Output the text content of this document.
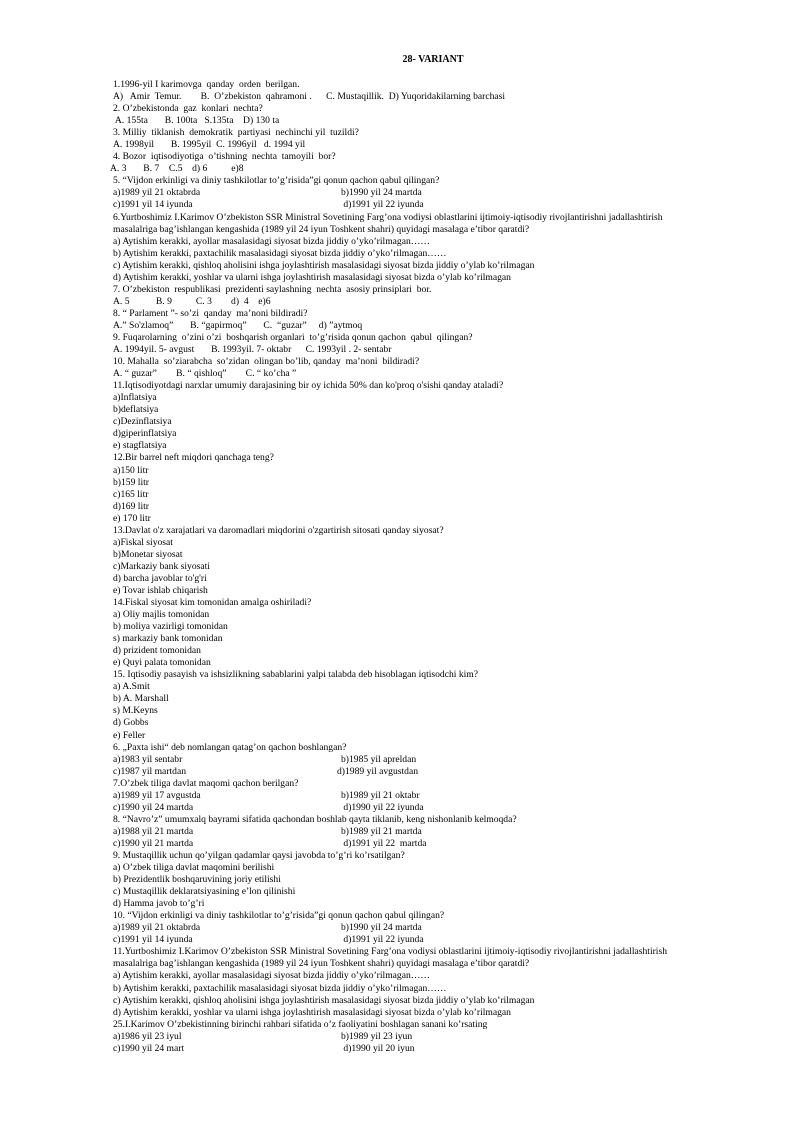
28- VARIANT
1.1996-yil I karimovga  qanday  orden  berilgan.
A)   Amir  Temur.        B.  O’zbekiston  qahramoni .      C. Mustaqillik.  D) Yuqoridakilarning barchasi
2. O’zbekistonda  gaz  konlari  nechta?
A. 155ta       B. 100ta   S.135ta    D) 130 ta
3. Milliy  tiklanish  demokratik  partiyasi  nechinchi yil  tuzildi?
A. 1998yil       B. 1995yil  C. 1996yil   d. 1994 yil
4. Bozor  iqtisodiyotiga  o’tishning  nechta  tamoyili  bor?
A. 3       B. 7    C.5    d) 6          e)8
5. “Vijdon erkinligi va diniy tashkilotlar to’g’risida”gi qonun qachon qabul qilingan?
a)1989 yil 21 oktabrda	b)1990 yil 24 martda
c)1991 yil 14 iyunda	d)1991 yil 22 iyunda
6.Yurtboshimiz I.Karimov O’zbekiston SSR Ministral Sovetining Farg’ona vodiysi oblastlarini ijtimoiy-iqtisodiy rivojlantirishni jadallashtirish
masalalriga bag’ishlangan kengashida (1989 yil 24 iyun Toshkent shahri) quyidagi masalaga e’tibor qaratdi?
a) Aytishim kerakki, ayollar masalasidagi siyosat bizda jiddiy o’yko’rilmagan……
b) Aytishim kerakki, paxtachilik masalasidagi siyosat bizda jiddiy o’yko’rilmagan……
c) Aytishim kerakki, qishloq aholisini ishga joylashtirish masalasidagi siyosat bizda jiddiy o’ylab ko’rilmagan
d) Aytishim kerakki, yoshlar va ularni ishga joylashtirish masalasidagi siyosat bizda o’ylab ko’rilmagan
7. O’zbekiston  respublikasi  prezidenti saylashning  nechta  asosiy prinsiplari  bor.
A. 5           B. 9          C. 3        d)  4    e)6
8. “ Parlament ”- so’zi  qanday  ma’noni bildiradi?
A.” So'zlamoq”       B. “gapirmoq”       C.  “guzar”     d) ”aytmoq
9. Fuqarolarning  o’zini o’zi  boshqarish organlari  to’g’risida qonun qachon  qabul  qilingan?
A. 1994yil. 5- avgust       B. 1993yil. 7- oktabr      C. 1993yil . 2- sentabr
10. Mahalla  so’ziarabcha  so’zidan  olingan bo’lib, qanday  ma’noni  bildiradi?
A. “ guzar”        B. “ qishloq”        C. “ ko’cha ”
11.Iqtisodiyotdagi narxlar umumiy darajasining bir oy ichida 50% dan ko'proq o'sishi qanday ataladi?
a)Inflatsiya
b)deflatsiya
c)Dezinflatsiya
d)giperinflatsiya
e) stagflatsiya
12.Bir barrel neft miqdori qanchaga teng?
a)150 litr
b)159 litr
c)165 litr
d)169 litr
e) 170 litr
13.Davlat o'z xarajatlari va daromadlari miqdorini o'zgartirish sitosati qanday siyosat?
a)Fiskal siyosat
b)Monetar siyosat
c)Markaziy bank siyosati
d) barcha javoblar to'g'ri
e) Tovar ishlab chiqarish
14.Fiskal siyosat kim tomonidan amalga oshiriladi?
a) Oliy majlis tomonidan
b) moliya vazirligi tomonidan
s) markaziy bank tomonidan
d) prizident tomonidan
e) Quyi palata tomonidan
15. Iqtisodiy pasayish va ishsizlikning sabablarini yalpi talabda deb hisoblagan iqtisodchi kim?
a) A.Smit
b) A. Marshall
s) M.Keyns
d) Gobbs
e) Feller
6. „Paxta ishi“ deb nomlangan qatag’on qachon boshlangan?
a)1983 yil sentabr	b)1985 yil apreldan
c)1987 yil martdan	d)1989 yil avgustdan
7.O’zbek tiliga davlat maqomi qachon berilgan?
a)1989 yil 17 avgustda	b)1989 yil 21 oktabr
c)1990 yil 24 martda	d)1990 yil 22 iyunda
8. “Navro’z” umumxalq bayrami sifatida qachondan boshlab qayta tiklanib, keng nishonlanib kelmoqda?
a)1988 yil 21 martda	b)1989 yil 21 martda
c)1990 yil 21 martda	d)1991 yil 22  martda
9. Mustaqillik uchun qo’yilgan qadamlar qaysi javobda to’g’ri ko’rsatilgan?
a) O’zbek tiliga davlat maqomini berilishi
b) Prezidentlik boshqaruvining joriy etilishi
c) Mustaqillik deklaratsiyasining e’lon qilinishi
d) Hamma javob to’g’ri
10. “Vijdon erkinligi va diniy tashkilotlar to’g’risida”gi qonun qachon qabul qilingan?
a)1989 yil 21 oktabrda	b)1990 yil 24 martda
c)1991 yil 14 iyunda	d)1991 yil 22 iyunda
11.Yurtboshimiz I.Karimov O’zbekiston SSR Ministral Sovetining Farg’ona vodiysi oblastlarini ijtimoiy-iqtisodiy rivojlantirishni jadallashtirish
masalalriga bag’ishlangan kengashida (1989 yil 24 iyun Toshkent shahri) quyidagi masalaga e’tibor qaratdi?
a) Aytishim kerakki, ayollar masalasidagi siyosat bizda jiddiy o’yko’rilmagan……
b) Aytishim kerakki, paxtachilik masalasidagi siyosat bizda jiddiy o’yko’rilmagan……
c) Aytishim kerakki, qishloq aholisini ishga joylashtirish masalasidagi siyosat bizda jiddiy o’ylab ko’rilmagan
d) Aytishim kerakki, yoshlar va ularni ishga joylashtirish masalasidagi siyosat bizda o’ylab ko’rilmagan
25.I.Karimov O’zbekistinning birinchi rahbari sifatida o’z faoliyatini boshlagan sanani ko’rsating
a)1986 yil 23 iyul	b)1989 yil 23 iyun
c)1990 yil 24 mart	d)1990 yil 20 iyun
